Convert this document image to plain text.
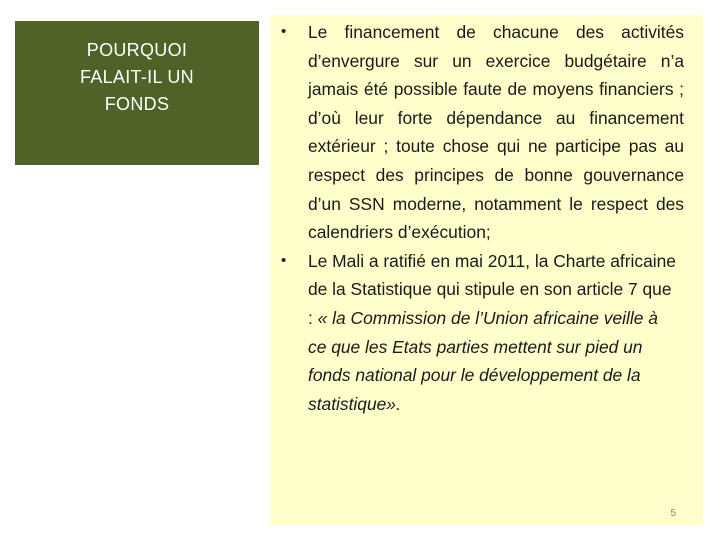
POURQUOI
FALAIT-IL UN
FONDS
• Le financement de chacune des activités d’envergure sur un exercice budgétaire n’a jamais été possible faute de moyens financiers ; d’où leur forte dépendance au financement extérieur ; toute chose qui ne participe pas au respect des principes de bonne gouvernance d’un SSN moderne, notamment le respect des calendriers d’exécution;
• Le Mali a ratifié en mai 2011, la Charte africaine de la Statistique qui stipule en son article 7 que : « la Commission de l’Union africaine veille à ce que les Etats parties mettent sur pied un fonds national pour le développement de la statistique».
5
